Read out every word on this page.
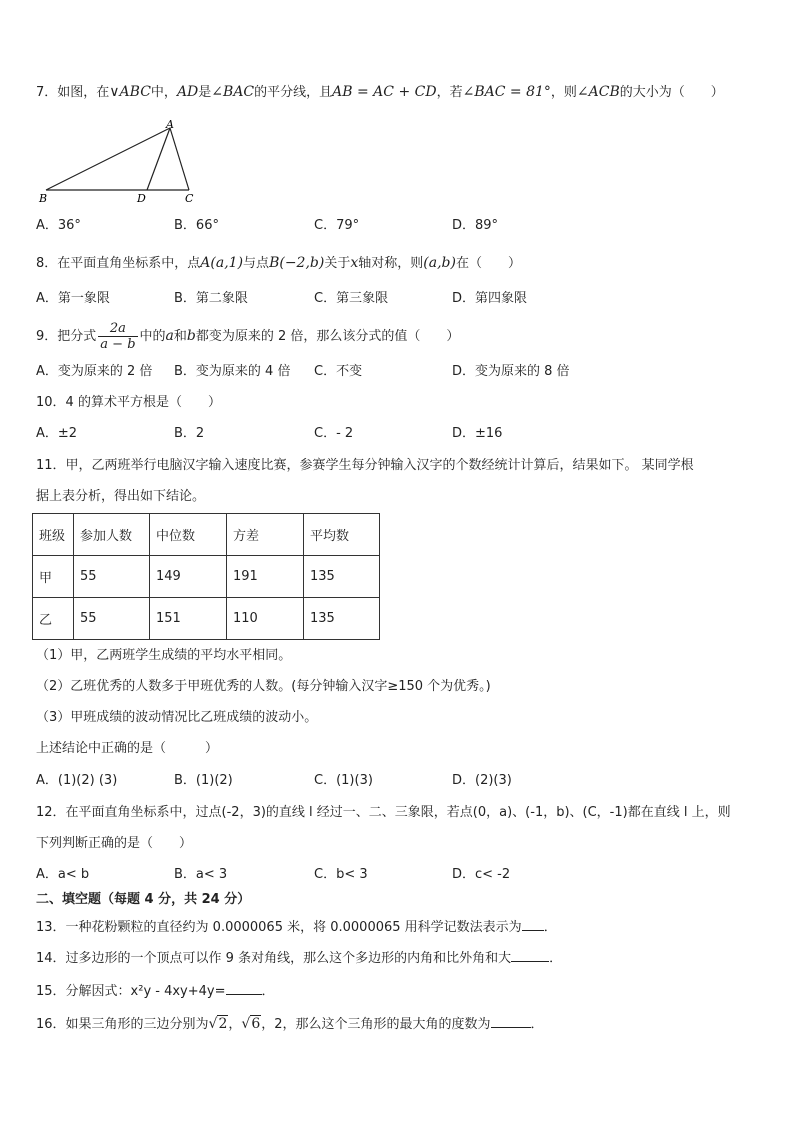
7．如图，在∨ABC中，AD是∠BAC的平分线，且AB = AC + CD，若∠BAC = 81°，则∠ACB的大小为（　　）
A
B	D	C
A．36°	B．66°	C．79°	D．89°
8．在平面直角坐标系中，点A(a,1)与点B(−2,b)关于x轴对称，则(a,b)在（　　）
A．第一象限	B．第二象限	C．第三象限	D．第四象限
9．把分式 $\frac{2a}{a - b}$ 中的a和b都变为原来的 2 倍，那么该分式的值（　　）
A．变为原来的 2 倍 B．变为原来的 4 倍 C．不变	D．变为原来的 8 倍
10．4 的算术平方根是（　　）
A．±2	B．2	C．- 2	D．±16
11．甲，乙两班举行电脑汉字输入速度比赛，参赛学生每分钟输入汉字的个数经统计计算后，结果如下。 某同学根
据上表分析，得出如下结论。
班级	参加人数	中位数	方差	平均数
甲	55	149	191	135
乙	55	151	110	135
（1）甲，乙两班学生成绩的平均水平相同。
（2）乙班优秀的人数多于甲班优秀的人数。(每分钟输入汉字≥150 个为优秀。)
（3）甲班成绩的波动情况比乙班成绩的波动小。
上述结论中正确的是（　　　）
A．(1)(2) (3)	B．(1)(2)	C．(1)(3)	D．(2)(3)
12．在平面直角坐标系中，过点(-2，3)的直线 l 经过一、二、三象限，若点(0，a)、(-1，b)、(C，-1)都在直线 l 上，则
下列判断正确的是（　　）
A．a< b	B．a< 3	C．b< 3	D．c< -2
二、填空题（每题 4 分，共 24 分）
13．一种花粉颗粒的直径约为 0.0000065 米，将 0.0000065 用科学记数法表示为 ．
14．过多边形的一个顶点可以作 9 条对角线，那么这个多边形的内角和比外角和大	．
15．分解因式：x²y - 4xy+4y=	．
16．如果三角形的三边分别为√2，√6，2，那么这个三角形的最大角的度数为	．
